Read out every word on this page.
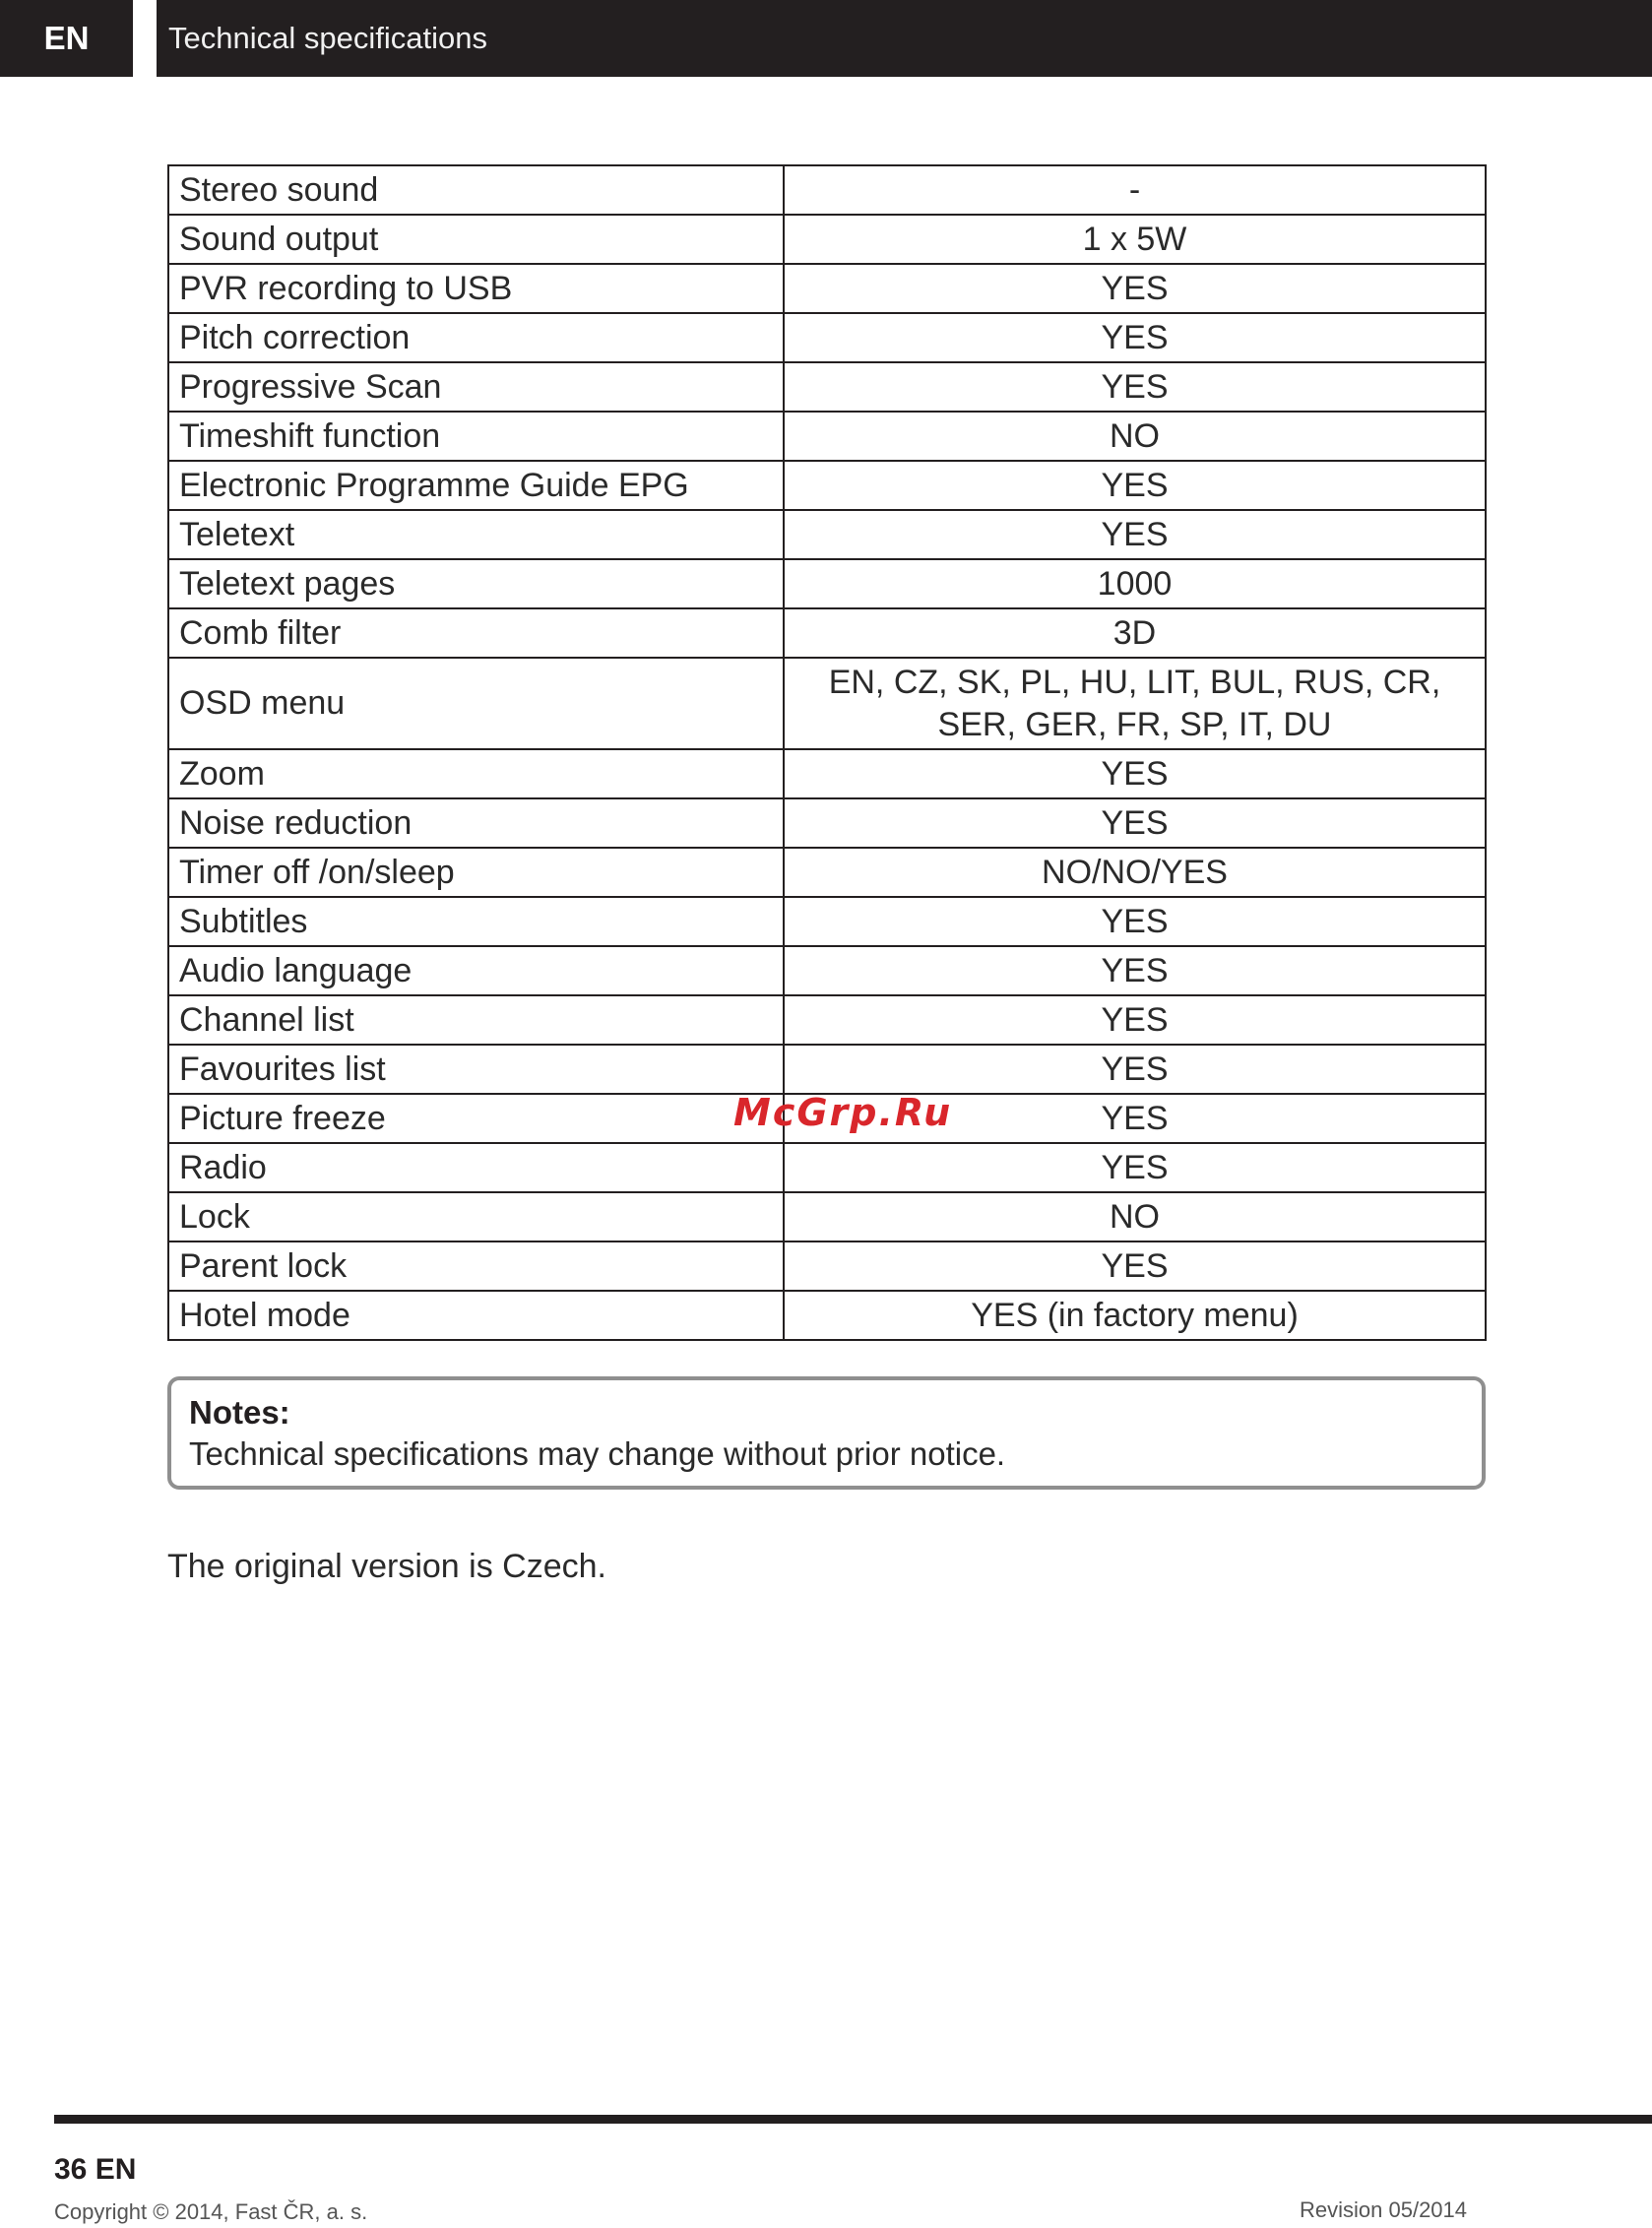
EN	Technical specifications
Stereo sound	-
Sound output	1 x 5W
PVR recording to USB	YES
Pitch correction	YES
Progressive Scan	YES
Timeshift function	NO
Electronic Programme Guide EPG	YES
Teletext	YES
Teletext pages	1000
Comb filter	3D
OSD menu	EN, CZ, SK, PL, HU, LIT, BUL, RUS, CR, SER, GER, FR, SP, IT, DU
Zoom	YES
Noise reduction	YES
Timer off /on/sleep	NO/NO/YES
Subtitles	YES
Audio language	YES
Channel list	YES
Favourites list	YES
Picture freeze	YES
Radio	YES
Lock	NO
Parent lock	YES
Hotel mode	YES (in factory menu)
McGrp.Ru
Notes:
Technical specifications may change without prior notice.
The original version is Czech.
36 EN
Copyright © 2014, Fast ČR, a. s.	Revision 05/2014
